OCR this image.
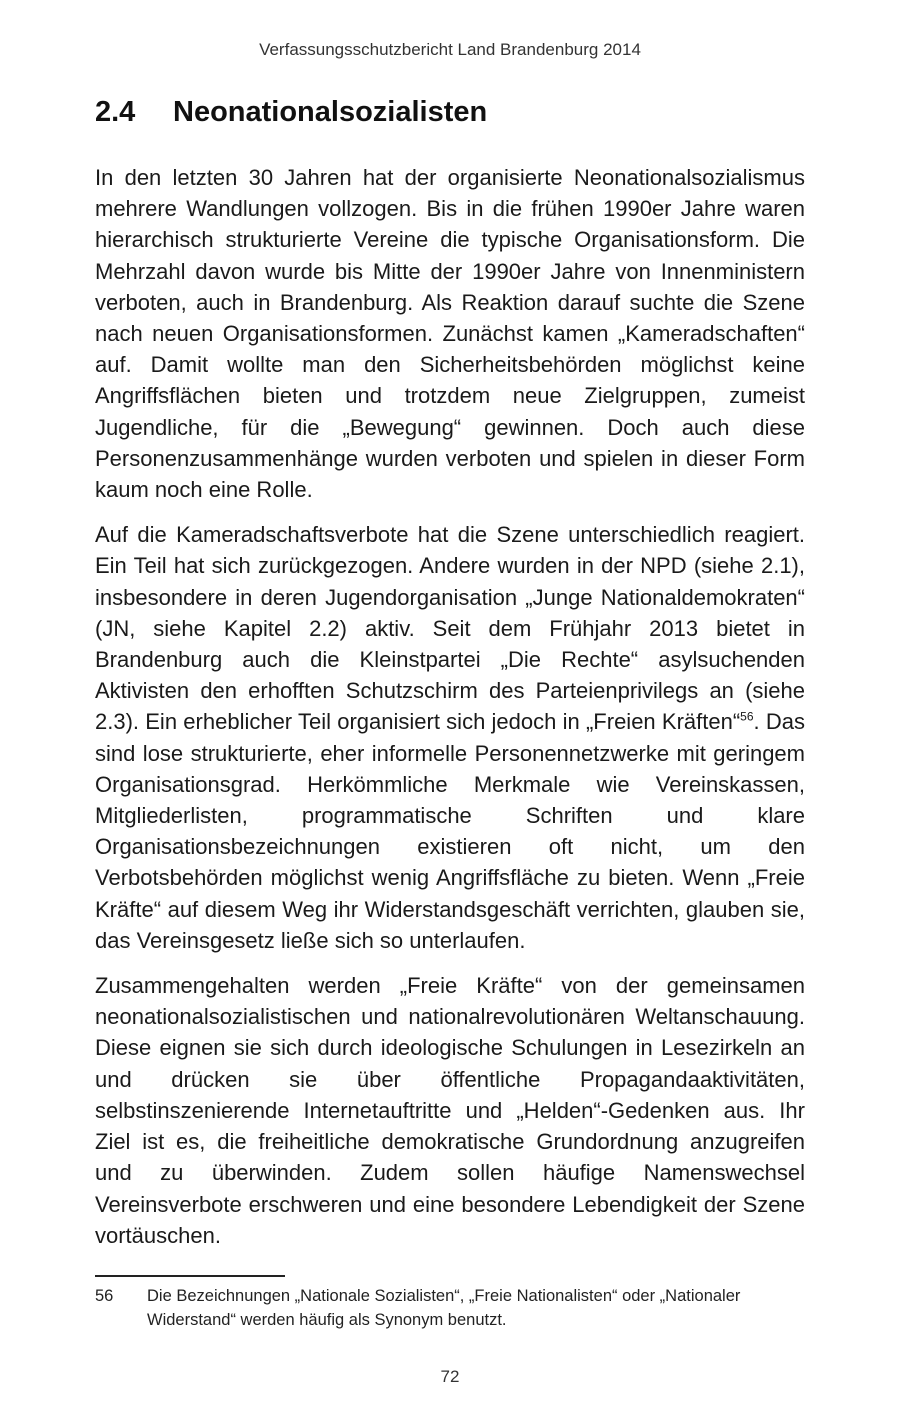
Verfassungsschutzbericht Land Brandenburg 2014
2.4 Neonationalsozialisten

In den letzten 30 Jahren hat der organisierte Neonationalsozialismus mehrere Wandlungen vollzogen. Bis in die frühen 1990er Jahre waren hierarchisch strukturierte Vereine die typische Organisationsform. Die Mehrzahl davon wurde bis Mitte der 1990er Jahre von Innenministern verboten, auch in Brandenburg. Als Reaktion darauf suchte die Szene nach neuen Organisationsformen. Zunächst kamen „Kameradschaften“ auf. Damit wollte man den Sicherheitsbehörden möglichst keine Angriffsflächen bieten und trotzdem neue Zielgruppen, zumeist Jugendliche, für die „Bewegung“ gewinnen. Doch auch diese Personenzusammenhänge wurden verboten und spielen in dieser Form kaum noch eine Rolle.

Auf die Kameradschaftsverbote hat die Szene unterschiedlich reagiert. Ein Teil hat sich zurückgezogen. Andere wurden in der NPD (siehe 2.1), insbesondere in deren Jugendorganisation „Junge Nationaldemokraten“ (JN, siehe Kapitel 2.2) aktiv. Seit dem Frühjahr 2013 bietet in Brandenburg auch die Kleinstpartei „Die Rechte“ asylsuchenden Aktivisten den erhofften Schutzschirm des Parteienprivilegs an (siehe 2.3). Ein erheblicher Teil organisiert sich jedoch in „Freien Kräften“$^{56}$. Das sind lose strukturierte, eher informelle Personennetzwerke mit geringem Organisationsgrad. Herkömmliche Merkmale wie Vereinskassen, Mitgliederlisten, programmatische Schriften und klare Organisationsbezeichnungen existieren oft nicht, um den Verbotsbehörden möglichst wenig Angriffsfläche zu bieten. Wenn „Freie Kräfte“ auf diesem Weg ihr Widerstandsgeschäft verrichten, glauben sie, das Vereinsgesetz ließe sich so unterlaufen.

Zusammengehalten werden „Freie Kräfte“ von der gemeinsamen neonationalsozialistischen und nationalrevolutionären Weltanschauung. Diese eignen sie sich durch ideologische Schulungen in Lesezirkeln an und drücken sie über öffentliche Propagandaaktivitäten, selbstinszenierende Internetauftritte und „Helden“-Gedenken aus. Ihr Ziel ist es, die freiheitliche demokratische Grundordnung anzugreifen und zu überwinden. Zudem sollen häufige Namenswechsel Vereinsverbote erschweren und eine besondere Lebendigkeit der Szene vortäuschen.

56	Die Bezeichnungen „Nationale Sozialisten“, „Freie Nationalisten“ oder „Nationaler Widerstand“ werden häufig als Synonym benutzt.
72
